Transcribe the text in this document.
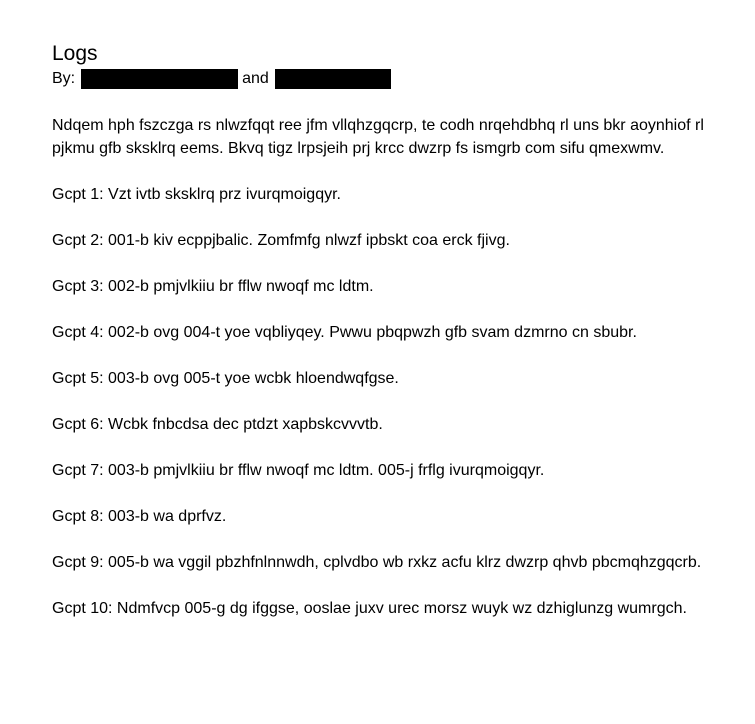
Logs
By:	and

Ndqem hph fszczga rs nlwzfqqt ree jfm vllqhzgqcrp, te codh nrqehdbhq rl uns bkr aoynhiof rl pjkmu gfb sksklrq eems. Bkvq tigz lrpsjeih prj krcc dwzrp fs ismgrb com sifu qmexwmv.

Gcpt 1: Vzt ivtb sksklrq prz ivurqmoigqyr.
Gcpt 2: 001-b kiv ecppjbalic. Zomfmfg nlwzf ipbskt coa erck fjivg.
Gcpt 3: 002-b pmjvlkiiu br fflw nwoqf mc ldtm.
Gcpt 4: 002-b ovg 004-t yoe vqbliyqey. Pwwu pbqpwzh gfb svam dzmrno cn sbubr.
Gcpt 5: 003-b ovg 005-t yoe wcbk hloendwqfgse.
Gcpt 6: Wcbk fnbcdsa dec ptdzt xapbskcvvvtb.
Gcpt 7: 003-b pmjvlkiiu br fflw nwoqf mc ldtm. 005-j frflg ivurqmoigqyr.
Gcpt 8: 003-b wa dprfvz.
Gcpt 9: 005-b wa vggil pbzhfnlnnwdh, cplvdbo wb rxkz acfu klrz dwzrp qhvb pbcmqhzgqcrb.
Gcpt 10: Ndmfvcp 005-g dg ifggse, ooslae juxv urec morsz wuyk wz dzhiglunzg wumrgch.
